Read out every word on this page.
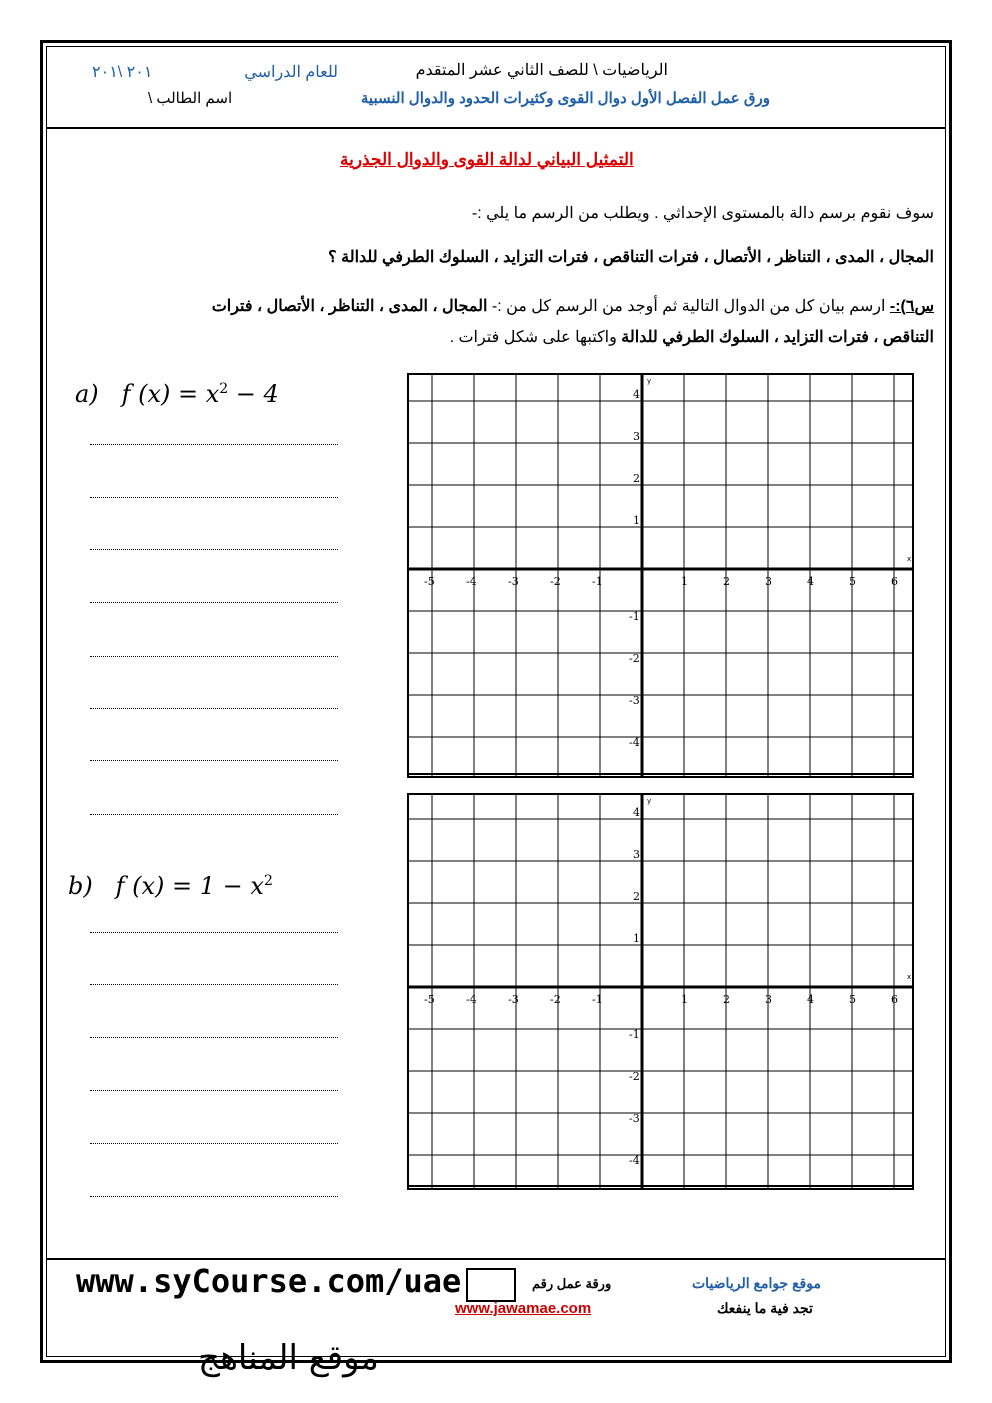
الرياضيات \ للصف الثاني عشر المتقدم
للعام الدراسي
٢٠١ \٢٠١
ورق عمل الفصل الأول دوال القوى وكثيرات الحدود والدوال النسبية
اسم الطالب \
التمثيل البياني لدالة القوى والدوال الجذرية
سوف نقوم برسم دالة بالمستوى الإحداثي . ويطلب من الرسم ما يلي :-
المجال ، المدى ، التناظر ، الأتصال ، فترات التناقص ، فترات التزايد ، السلوك الطرفي للدالة ؟
س٦):- ارسم بيان كل من الدوال التالية ثم أوجد من الرسم كل من :- المجال ، المدى ، التناظر ، الأتصال ، فترات
التناقص ، فترات التزايد ، السلوك الطرفي للدالة واكتبها على شكل فترات .
a) f $(x) = x^2 - 4$
b) f $(x) = 1 - x^2$
x
y
-5	-4	-3	-2	-1	1	2	3	4	5	6
4
3
2
1
-1
-2
-3
-4
x
y
-5	-4	-3	-2	-1	1	2	3	4	5	6
4
3
2
1
-1
-2
-3
-4
موقع جوامع الرياضيات
تجد فية ما ينفعك
www.jawamae.com
ورقة عمل رقم
www.syCourse.com/uae
موقع المناهج
